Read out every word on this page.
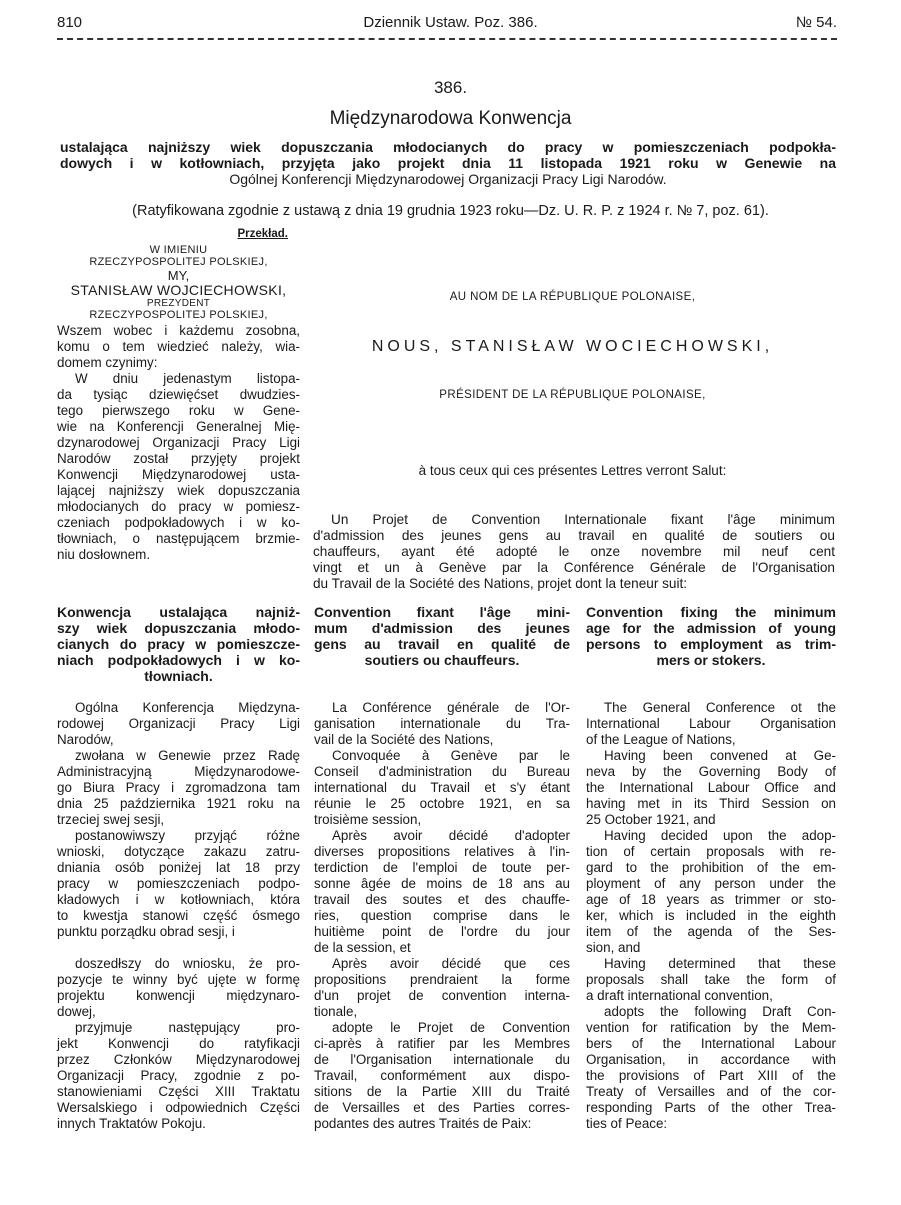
810	Dziennik Ustaw. Poz. 386.	№ 54.
386.
Międzynarodowa Konwencja
ustalająca najniższy wiek dopuszczania młodocianych do pracy w pomieszczeniach podpokła-
dowych i w kotłowniach, przyjęta jako projekt dnia 11 listopada 1921 roku w Genewie na
Ogólnej Konferencji Międzynarodowej Organizacji Pracy Ligi Narodów.
(Ratyfikowana zgodnie z ustawą z dnia 19 grudnia 1923 roku—Dz. U. R. P. z 1924 r. № 7, poz. 61).
Przekład.
W IMIENIU
RZECZYPOSPOLITEJ POLSKIEJ,
MY,
STANISŁAW WOJCIECHOWSKI,
PREZYDENT
RZECZYPOSPOLITEJ POLSKIEJ,
Wszem wobec i każdemu zosobna,
komu o tem wiedzieć należy, wia-
domem czynimy:
W dniu jedenastym listopa-
da tysiąc dziewięćset dwudzies-
tego pierwszego roku w Gene-
wie na Konferencji Generalnej Mię-
dzynarodowej Organizacji Pracy Ligi
Narodów został przyjęty projekt
Konwencji Międzynarodowej usta-
lającej najniższy wiek dopuszczania
młodocianych do pracy w pomiesz-
czeniach podpokładowych i w ko-
tłowniach, o następującem brzmie-
niu dosłownem.
AU NOM DE LA RÉPUBLIQUE POLONAISE,
NOUS, STANISŁAW WOCIECHOWSKI,
PRÉSIDENT DE LA RÉPUBLIQUE POLONAISE,
à tous ceux qui ces présentes Lettres verront Salut:
Un Projet de Convention Internationale fixant l'âge minimum
d'admission des jeunes gens au travail en qualité de soutiers ou
chauffeurs, ayant été adopté le onze novembre mil neuf cent
vingt et un à Genève par la Conférence Générale de l'Organisation
du Travail de la Société des Nations, projet dont la teneur suit:
Konwencja ustalająca najniż-
szy wiek dopuszczania młodo-
cianych do pracy w pomieszcze-
niach podpokładowych i w ko-
tłowniach.
Ogólna Konferencja Międzyna-
rodowej Organizacji Pracy Ligi
Narodów,
zwołana w Genewie przez Radę
Administracyjną Międzynarodowe-
go Biura Pracy i zgromadzona tam
dnia 25 października 1921 roku na
trzeciej swej sesji,
postanowiwszy przyjąć różne
wnioski, dotyczące zakazu zatru-
dniania osób poniżej lat 18 przy
pracy w pomieszczeniach podpo-
kładowych i w kotłowniach, która
to kwestja stanowi część ósmego
punktu porządku obrad sesji, i
doszedłszy do wniosku, że pro-
pozycje te winny być ujęte w formę
projektu konwencji międzynaro-
dowej,
przyjmuje następujący pro-
jekt Konwencji do ratyfikacji
przez Członków Międzynarodowej
Organizacji Pracy, zgodnie z po-
stanowieniami Części XIII Traktatu
Wersalskiego i odpowiednich Części
innych Traktatów Pokoju.
Convention fixant l'âge mini-
mum d'admission des jeunes
gens au travail en qualité de
soutiers ou chauffeurs.
La Conférence générale de l'Or-
ganisation internationale du Tra-
vail de la Société des Nations,
Convoquée à Genève par le
Conseil d'administration du Bureau
international du Travail et s'y étant
réunie le 25 octobre 1921, en sa
troisième session,
Après avoir décidé d'adopter
diverses propositions relatives à l'in-
terdiction de l'emploi de toute per-
sonne âgée de moins de 18 ans au
travail des soutes et des chauffe-
ries, question comprise dans le
huitième point de l'ordre du jour
de la session, et
Après avoir décidé que ces
propositions prendraient la forme
d'un projet de convention interna-
tionale,
adopte le Projet de Convention
ci-après à ratifier par les Membres
de l'Organisation internationale du
Travail, conformément aux dispo-
sitions de la Partie XIII du Traité
de Versailles et des Parties corres-
podantes des autres Traités de Paix:
Convention fixing the minimum
age for the admission of young
persons to employment as trim-
mers or stokers.
The General Conference ot the
International Labour Organisation
of the League of Nations,
Having been convened at Ge-
neva by the Governing Body of
the International Labour Office and
having met in its Third Session on
25 October 1921, and
Having decided upon the adop-
tion of certain proposals with re-
gard to the prohibition of the em-
ployment of any person under the
age of 18 years as trimmer or sto-
ker, which is included in the eighth
item of the agenda of the Ses-
sion, and
Having determined that these
proposals shall take the form of
a draft international convention,
adopts the following Draft Con-
vention for ratification by the Mem-
bers of the International Labour
Organisation, in accordance with
the provisions of Part XIII of the
Treaty of Versailles and of the cor-
responding Parts of the other Trea-
ties of Peace:
